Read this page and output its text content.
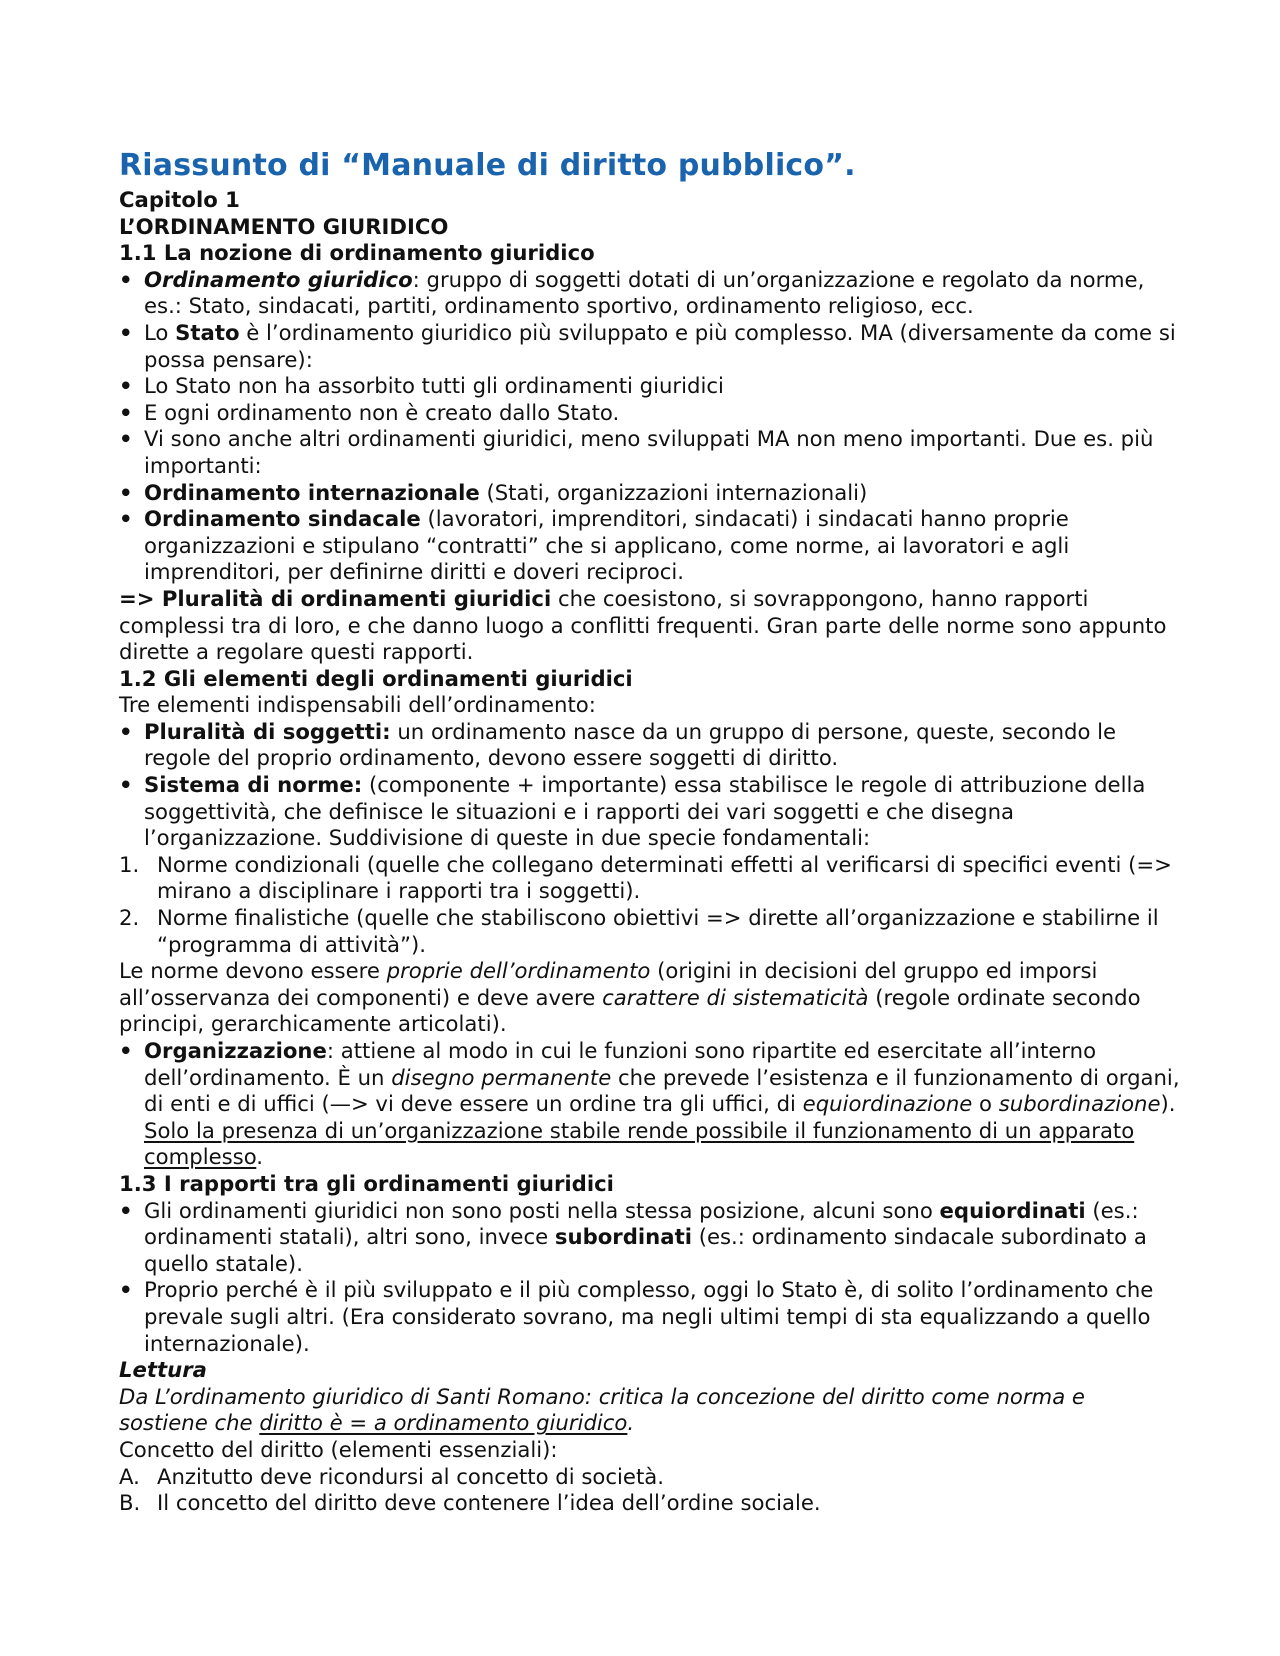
Riassunto di “Manuale di diritto pubblico”.

Capitolo 1

L’ORDINAMENTO GIURIDICO

1.1 La nozione di ordinamento giuridico

• Ordinamento giuridico: gruppo di soggetti dotati di un’organizzazione e regolato da norme, es.: Stato, sindacati, partiti, ordinamento sportivo, ordinamento religioso, ecc.

• Lo Stato è l’ordinamento giuridico più sviluppato e più complesso. MA (diversamente da come si possa pensare):

• Lo Stato non ha assorbito tutti gli ordinamenti giuridici

• E ogni ordinamento non è creato dallo Stato.

• Vi sono anche altri ordinamenti giuridici, meno sviluppati MA non meno importanti. Due es. più importanti:

• Ordinamento internazionale (Stati, organizzazioni internazionali)

• Ordinamento sindacale (lavoratori, imprenditori, sindacati) i sindacati hanno proprie organizzazioni e stipulano “contratti” che si applicano, come norme, ai lavoratori e agli imprenditori, per definirne diritti e doveri reciproci.

=> Pluralità di ordinamenti giuridici che coesistono, si sovrappongono, hanno rapporti complessi tra di loro, e che danno luogo a conflitti frequenti. Gran parte delle norme sono appunto dirette a regolare questi rapporti.

1.2 Gli elementi degli ordinamenti giuridici

Tre elementi indispensabili dell’ordinamento:

• Pluralità di soggetti: un ordinamento nasce da un gruppo di persone, queste, secondo le regole del proprio ordinamento, devono essere soggetti di diritto.

• Sistema di norme: (componente + importante) essa stabilisce le regole di attribuzione della soggettività, che definisce le situazioni e i rapporti dei vari soggetti e che disegna l’organizzazione. Suddivisione di queste in due specie fondamentali:

1. Norme condizionali (quelle che collegano determinati effetti al verificarsi di specifici eventi (=> mirano a disciplinare i rapporti tra i soggetti).

2. Norme finalistiche (quelle che stabiliscono obiettivi => dirette all’organizzazione e stabilirne il “programma di attività”).

Le norme devono essere proprie dell’ordinamento (origini in decisioni del gruppo ed imporsi all’osservanza dei componenti) e deve avere carattere di sistematicità (regole ordinate secondo principi, gerarchicamente articolati).

• Organizzazione: attiene al modo in cui le funzioni sono ripartite ed esercitate all’interno dell’ordinamento. È un disegno permanente che prevede l’esistenza e il funzionamento di organi, di enti e di uffici (—> vi deve essere un ordine tra gli uffici, di equiordinazione o subordinazione). Solo la presenza di un’organizzazione stabile rende possibile il funzionamento di un apparato complesso.

1.3 I rapporti tra gli ordinamenti giuridici

• Gli ordinamenti giuridici non sono posti nella stessa posizione, alcuni sono equiordinati (es.: ordinamenti statali), altri sono, invece subordinati (es.: ordinamento sindacale subordinato a quello statale).

• Proprio perché è il più sviluppato e il più complesso, oggi lo Stato è, di solito l’ordinamento che prevale sugli altri. (Era considerato sovrano, ma negli ultimi tempi di sta equalizzando a quello internazionale).

Lettura

Da L’ordinamento giuridico di Santi Romano: critica la concezione del diritto come norma e sostiene che diritto è = a ordinamento giuridico.

Concetto del diritto (elementi essenziali):

A. Anzitutto deve ricondursi al concetto di società.

B. Il concetto del diritto deve contenere l’idea dell’ordine sociale.
